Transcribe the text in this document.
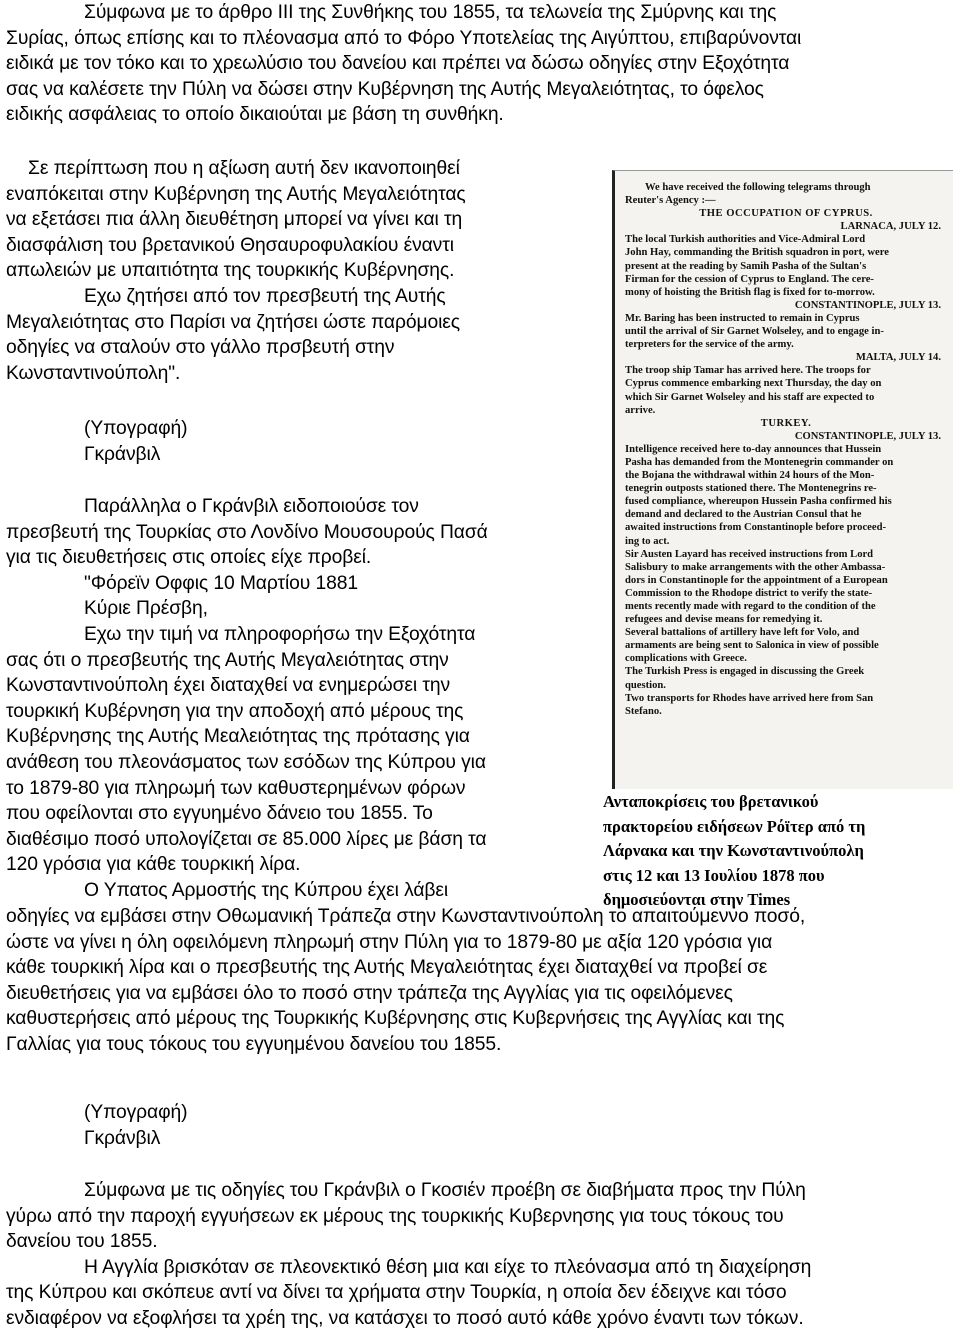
Σύμφωνα με το άρθρο ΙΙΙ της Συνθήκης του 1855, τα τελωνεία της Σμύρνης και της
Συρίας, όπως επίσης και το πλέονασμα από το Φόρο Υποτελείας της Αιγύπτου, επιβαρύνονται
ειδικά με τον τόκο και το χρεωλύσιο του δανείου και πρέπει να δώσω οδηγίες στην Εξοχότητα
σας να καλέσετε την Πύλη να δώσει στην Κυβέρνηση της Αυτής Μεγαλειότητας, το όφελος
ειδικής ασφάλειας το οποίο δικαιούται με βάση τη συνθήκη.
Σε περίπτωση που η αξίωση αυτή δεν ικανοποιηθεί
εναπόκειται στην Κυβέρνηση της Αυτής Μεγαλειότητας
να εξετάσει πια άλλη διευθέτηση μπορεί να γίνει και τη
διασφάλιση του βρετανικού Θησαυροφυλακίου έναντι
απωλειών με υπαιτιότητα της τουρκικής Κυβέρνησης.
Εχω ζητήσει από τον πρεσβευτή της Αυτής
Μεγαλειότητας στο Παρίσι να ζητήσει ώστε παρόμοιες
οδηγίες να σταλούν στο γάλλο πρσβευτή στην
Κωνσταντινούπολη".
(Υπογραφή)
Γκράνβιλ
Παράλληλα ο Γκράνβιλ ειδοποιούσε τον
πρεσβευτή της Τουρκίας στο Λονδίνο Μουσουρούς Πασά
για τις διευθετήσεις στις οποίες είχε προβεί.
"Φόρεϊν Οφφις 10 Μαρτίου 1881
Κύριε Πρέσβη,
Εχω την τιμή να πληροφορήσω την Εξοχότητα
σας ότι ο πρεσβευτής της Αυτής Μεγαλειότητας στην
Κωνσταντινούπολη έχει διαταχθεί να ενημερώσει την
τουρκική Κυβέρνηση για την αποδοχή από μέρους της
Κυβέρνησης της Αυτής Μεαλειότητας της πρότασης για
ανάθεση του πλεονάσματος των εσόδων της Κύπρου για
το 1879-80 για πληρωμή των καθυστερημένων φόρων
που οφείλονται στο εγγυημένο δάνειο του 1855. Το
διαθέσιμο ποσό υπολογίζεται σε 85.000 λίρες με βάση τα
120 γρόσια για κάθε τουρκική λίρα.
Ο Υπατος Αρμοστής της Κύπρου έχει λάβει
οδηγίες να εμβάσει στην Οθωμανική Τράπεζα στην Κωνσταντινούπολη το απαιτούμεννο ποσό,
ώστε να γίνει η όλη οφειλόμενη πληρωμή στην Πύλη για το 1879-80 με αξία 120 γρόσια για
κάθε τουρκική λίρα και ο πρεσβευτής της Αυτής Μεγαλειότητας έχει διαταχθεί να προβεί σε
διευθετήσεις για να εμβάσει όλο το ποσό στην τράπεζα της Αγγλίας για τις οφειλόμενες
καθυστερήσεις από μέρους της Τουρκικής Κυβέρνησης στις Κυβερνήσεις της Αγγλίας και της
Γαλλίας για τους τόκους του εγγυημένου δανείου του 1855.
(Υπογραφή)
Γκράνβιλ
Σύμφωνα με τις οδηγίες του Γκράνβιλ ο Γκοσιέν προέβη σε διαβήματα προς την Πύλη
γύρω από την παροχή εγγυήσεων εκ μέρους της τουρκικής Κυβερνησης για τους τόκους του
δανείου του 1855.
Η Αγγλία βρισκόταν σε πλεονεκτικό θέση μια και είχε το πλεόνασμα από τη διαχείρηση
της Κύπρου και σκόπευε αντί να δίνει τα χρήματα στην Τουρκία, η οποία δεν έδειχνε και τόσο
ενδιαφέρον να εξοφλήσει τα χρέη της, να κατάσχει το ποσό αυτό κάθε χρόνο έναντι των τόκων.
We have received the following telegrams through
Reuter's Agency :—
THE OCCUPATION OF CYPRUS.
LARNACA, JULY 12.
The local Turkish authorities and Vice-Admiral Lord
John Hay, commanding the British squadron in port, were
present at the reading by Samih Pasha of the Sultan's
Firman for the cession of Cyprus to England. The cere-
mony of hoisting the British flag is fixed for to-morrow.
CONSTANTINOPLE, JULY 13.
Mr. Baring has been instructed to remain in Cyprus
until the arrival of Sir Garnet Wolseley, and to engage in-
terpreters for the service of the army.
MALTA, JULY 14.
The troop ship Tamar has arrived here. The troops for
Cyprus commence embarking next Thursday, the day on
which Sir Garnet Wolseley and his staff are expected to
arrive.
TURKEY.
CONSTANTINOPLE, JULY 13.
Intelligence received here to-day announces that Hussein
Pasha has demanded from the Montenegrin commander on
the Bojana the withdrawal within 24 hours of the Mon-
tenegrin outposts stationed there. The Montenegrins re-
fused compliance, whereupon Hussein Pasha confirmed his
demand and declared to the Austrian Consul that he
awaited instructions from Constantinople before proceed-
ing to act.
Sir Austen Layard has received instructions from Lord
Salisbury to make arrangements with the other Ambassa-
dors in Constantinople for the appointment of a European
Commission to the Rhodope district to verify the state-
ments recently made with regard to the condition of the
refugees and devise means for remedying it.
Several battalions of artillery have left for Volo, and
armaments are being sent to Salonica in view of possible
complications with Greece.
The Turkish Press is engaged in discussing the Greek
question.
Two transports for Rhodes have arrived here from San
Stefano.
Ανταποκρίσεις του βρετανικού
πρακτορείου ειδήσεων Ρόϊτερ από τη
Λάρνακα και την Κωνσταντινούπολη
στις 12 και 13 Ιουλίου 1878 που
δημοσιεύονται στην Times
